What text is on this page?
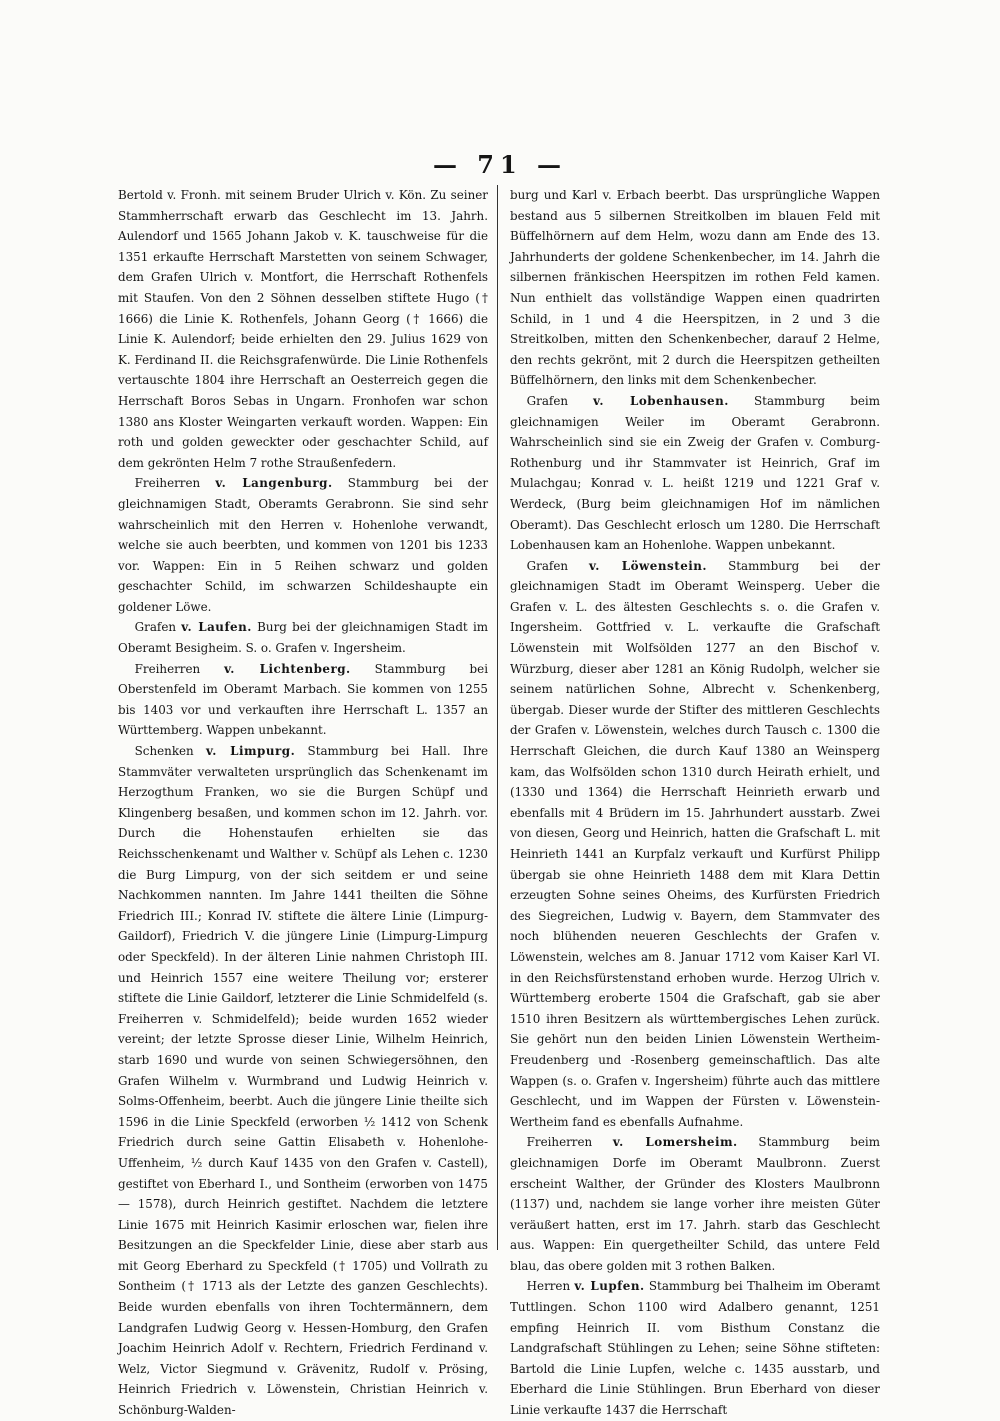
— 71 —

Bertold v. Fronh. mit seinem Bruder Ulrich v. Kön. Zu seiner Stammherrschaft erwarb das Geschlecht im 13. Jahrh. Aulendorf und 1565 Johann Jakob v. K. tauschweise für die 1351 erkaufte Herrschaft Marstetten von seinem Schwager, dem Grafen Ulrich v. Montfort, die Herrschaft Rothenfels mit Staufen. Von den 2 Söhnen desselben stiftete Hugo († 1666) die Linie K. Rothenfels, Johann Georg († 1666) die Linie K. Aulendorf; beide erhielten den 29. Julius 1629 von K. Ferdinand II. die Reichsgrafenwürde. Die Linie Rothenfels vertauschte 1804 ihre Herrschaft an Oesterreich gegen die Herrschaft Boros Sebas in Ungarn. Fronhofen war schon 1380 ans Kloster Weingarten verkauft worden. Wappen: Ein roth und golden geweckter oder geschachter Schild, auf dem gekrönten Helm 7 rothe Straußenfedern.

Freiherren v. Langenburg. Stammburg bei der gleichnamigen Stadt, Oberamts Gerabronn. Sie sind sehr wahrscheinlich mit den Herren v. Hohenlohe verwandt, welche sie auch beerbten, und kommen von 1201 bis 1233 vor. Wappen: Ein in 5 Reihen schwarz und golden geschachter Schild, im schwarzen Schildeshaupte ein goldener Löwe.

Grafen v. Laufen. Burg bei der gleichnamigen Stadt im Oberamt Besigheim. S. o. Grafen v. Ingersheim.

Freiherren v. Lichtenberg. Stammburg bei Oberstenfeld im Oberamt Marbach. Sie kommen von 1255 bis 1403 vor und verkauften ihre Herrschaft L. 1357 an Württemberg. Wappen unbekannt.

Schenken v. Limpurg. Stammburg bei Hall. Ihre Stammväter verwalteten ursprünglich das Schenkenamt im Herzogthum Franken, wo sie die Burgen Schüpf und Klingenberg besaßen, und kommen schon im 12. Jahrh. vor. Durch die Hohenstaufen erhielten sie das Reichsschenkenamt und Walther v. Schüpf als Lehen c. 1230 die Burg Limpurg, von der sich seitdem er und seine Nachkommen nannten. Im Jahre 1441 theilten die Söhne Friedrich III.; Konrad IV. stiftete die ältere Linie (Limpurg-Gaildorf), Friedrich V. die jüngere Linie (Limpurg-Limpurg oder Speckfeld). In der älteren Linie nahmen Christoph III. und Heinrich 1557 eine weitere Theilung vor; ersterer stiftete die Linie Gaildorf, letzterer die Linie Schmidelfeld (s. Freiherren v. Schmidelfeld); beide wurden 1652 wieder vereint; der letzte Sprosse dieser Linie, Wilhelm Heinrich, starb 1690 und wurde von seinen Schwiegersöhnen, den Grafen Wilhelm v. Wurmbrand und Ludwig Heinrich v. Solms-Offenheim, beerbt. Auch die jüngere Linie theilte sich 1596 in die Linie Speckfeld (erworben ½ 1412 von Schenk Friedrich durch seine Gattin Elisabeth v. Hohenlohe-Uffenheim, ½ durch Kauf 1435 von den Grafen v. Castell), gestiftet von Eberhard I., und Sontheim (erworben von 1475 — 1578), durch Heinrich gestiftet. Nachdem die letztere Linie 1675 mit Heinrich Kasimir erloschen war, fielen ihre Besitzungen an die Speckfelder Linie, diese aber starb aus mit Georg Eberhard zu Speckfeld († 1705) und Vollrath zu Sontheim († 1713 als der Letzte des ganzen Geschlechts). Beide wurden ebenfalls von ihren Tochtermännern, dem Landgrafen Ludwig Georg v. Hessen-Homburg, den Grafen Joachim Heinrich Adolf v. Rechtern, Friedrich Ferdinand v. Welz, Victor Siegmund v. Grävenitz, Rudolf v. Prösing, Heinrich Friedrich v. Löwenstein, Christian Heinrich v. Schönburg-Walden-

burg und Karl v. Erbach beerbt. Das ursprüngliche Wappen bestand aus 5 silbernen Streitkolben im blauen Feld mit Büffelhörnern auf dem Helm, wozu dann am Ende des 13. Jahrhunderts der goldene Schenkenbecher, im 14. Jahrh die silbernen fränkischen Heerspitzen im rothen Feld kamen. Nun enthielt das vollständige Wappen einen quadrirten Schild, in 1 und 4 die Heerspitzen, in 2 und 3 die Streitkolben, mitten den Schenkenbecher, darauf 2 Helme, den rechts gekrönt, mit 2 durch die Heerspitzen getheilten Büffelhörnern, den links mit dem Schenkenbecher.

Grafen v. Lobenhausen. Stammburg beim gleichnamigen Weiler im Oberamt Gerabronn. Wahrscheinlich sind sie ein Zweig der Grafen v. Comburg-Rothenburg und ihr Stammvater ist Heinrich, Graf im Mulachgau; Konrad v. L. heißt 1219 und 1221 Graf v. Werdeck, (Burg beim gleichnamigen Hof im nämlichen Oberamt). Das Geschlecht erlosch um 1280. Die Herrschaft Lobenhausen kam an Hohenlohe. Wappen unbekannt.

Grafen v. Löwenstein. Stammburg bei der gleichnamigen Stadt im Oberamt Weinsperg. Ueber die Grafen v. L. des ältesten Geschlechts s. o. die Grafen v. Ingersheim. Gottfried v. L. verkaufte die Grafschaft Löwenstein mit Wolfsölden 1277 an den Bischof v. Würzburg, dieser aber 1281 an König Rudolph, welcher sie seinem natürlichen Sohne, Albrecht v. Schenkenberg, übergab. Dieser wurde der Stifter des mittleren Geschlechts der Grafen v. Löwenstein, welches durch Tausch c. 1300 die Herrschaft Gleichen, die durch Kauf 1380 an Weinsperg kam, das Wolfsölden schon 1310 durch Heirath erhielt, und (1330 und 1364) die Herrschaft Heinrieth erwarb und ebenfalls mit 4 Brüdern im 15. Jahrhundert ausstarb. Zwei von diesen, Georg und Heinrich, hatten die Grafschaft L. mit Heinrieth 1441 an Kurpfalz verkauft und Kurfürst Philipp übergab sie ohne Heinrieth 1488 dem mit Klara Dettin erzeugten Sohne seines Oheims, des Kurfürsten Friedrich des Siegreichen, Ludwig v. Bayern, dem Stammvater des noch blühenden neueren Geschlechts der Grafen v. Löwenstein, welches am 8. Januar 1712 vom Kaiser Karl VI. in den Reichsfürstenstand erhoben wurde. Herzog Ulrich v. Württemberg eroberte 1504 die Grafschaft, gab sie aber 1510 ihren Besitzern als württembergisches Lehen zurück. Sie gehört nun den beiden Linien Löwenstein Wertheim-Freudenberg und -Rosenberg gemeinschaftlich. Das alte Wappen (s. o. Grafen v. Ingersheim) führte auch das mittlere Geschlecht, und im Wappen der Fürsten v. Löwenstein-Wertheim fand es ebenfalls Aufnahme.

Freiherren v. Lomersheim. Stammburg beim gleichnamigen Dorfe im Oberamt Maulbronn. Zuerst erscheint Walther, der Gründer des Klosters Maulbronn (1137) und, nachdem sie lange vorher ihre meisten Güter veräußert hatten, erst im 17. Jahrh. starb das Geschlecht aus. Wappen: Ein quergetheilter Schild, das untere Feld blau, das obere golden mit 3 rothen Balken.

Herren v. Lupfen. Stammburg bei Thalheim im Oberamt Tuttlingen. Schon 1100 wird Adalbero genannt, 1251 empfing Heinrich II. vom Bisthum Constanz die Landgrafschaft Stühlingen zu Lehen; seine Söhne stifteten: Bartold die Linie Lupfen, welche c. 1435 ausstarb, und Eberhard die Linie Stühlingen. Brun Eberhard von dieser Linie verkaufte 1437 die Herrschaft
